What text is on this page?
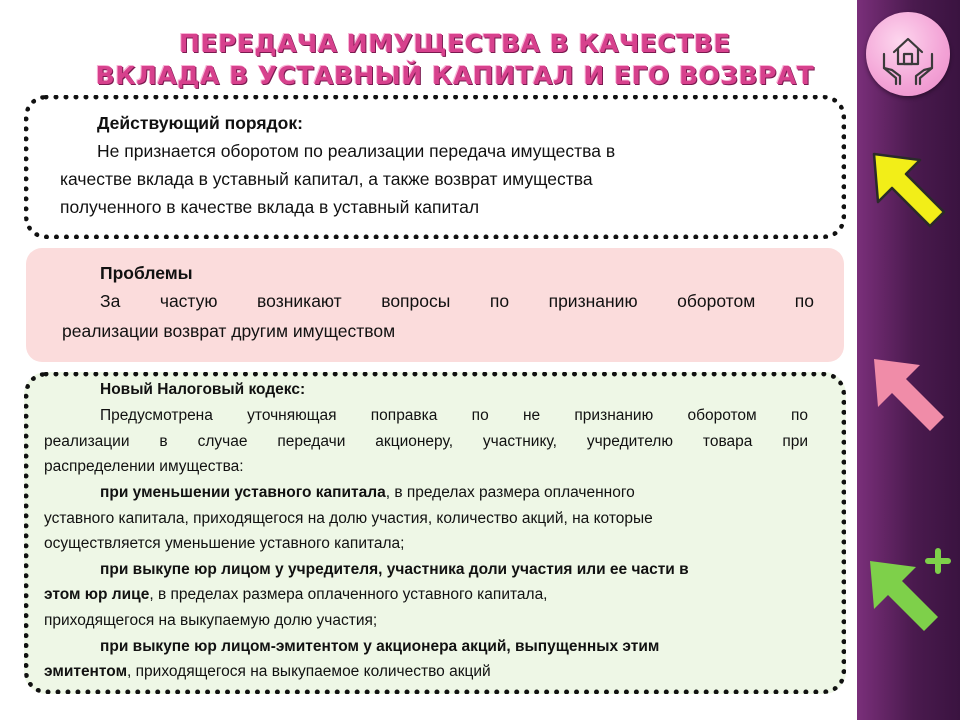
ПЕРЕДАЧА ИМУЩЕСТВА В КАЧЕСТВЕ
ВКЛАДА В УСТАВНЫЙ КАПИТАЛ И ЕГО ВОЗВРАТ
Действующий порядок:
Не признается оборотом по реализации передача имущества в
качестве вклада в уставный капитал, а также возврат имущества
полученного в качестве вклада в уставный капитал
Проблемы
За частую возникают вопросы по признанию оборотом по
реализации возврат другим имуществом
Новый Налоговый кодекс:
Предусмотрена уточняющая поправка по не признанию оборотом по
реализации в случае передачи акционеру, участнику, учредителю товара при
распределении имущества:
при уменьшении уставного капитала, в пределах размера оплаченного
уставного капитала, приходящегося на долю участия, количество акций, на которые
осуществляется уменьшение уставного капитала;
при выкупе юр лицом у учредителя, участника доли участия или ее части в
этом юр лице, в пределах размера оплаченного уставного капитала,
приходящегося на выкупаемую долю участия;
при выкупе юр лицом-эмитентом у акционера акций, выпущенных этим
эмитентом, приходящегося на выкупаемое количество акций
